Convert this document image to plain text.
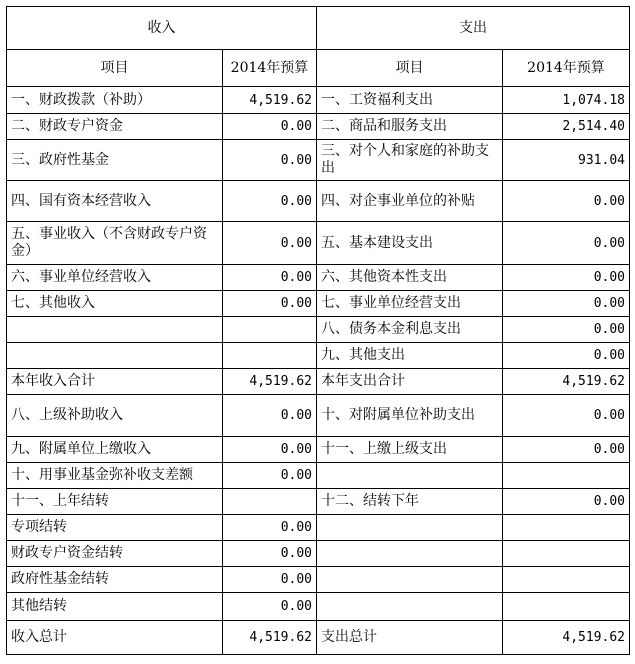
收入		支出	
项目	2014年预算	项目	2014年预算
一、财政拨款（补助）	4,519.62	一、工资福利支出	1,074.18
二、财政专户资金	0.00	二、商品和服务支出	2,514.40
三、政府性基金	0.00	三、对个人和家庭的补助支出	931.04
四、国有资本经营收入	0.00	四、对企事业单位的补贴	0.00
五、事业收入（不含财政专户资金）	0.00	五、基本建设支出	0.00
六、事业单位经营收入	0.00	六、其他资本性支出	0.00
七、其他收入	0.00	七、事业单位经营支出	0.00
		八、债务本金利息支出	0.00
		九、其他支出	0.00
本年收入合计	4,519.62	本年支出合计	4,519.62
八、上级补助收入	0.00	十、对附属单位补助支出	0.00
九、附属单位上缴收入	0.00	十一、上缴上级支出	0.00
十、用事业基金弥补收支差额	0.00		
十一、上年结转		十二、结转下年	0.00
专项结转	0.00		
财政专户资金结转	0.00		
政府性基金结转	0.00		
其他结转	0.00		
收入总计	4,519.62	支出总计	4,519.62
